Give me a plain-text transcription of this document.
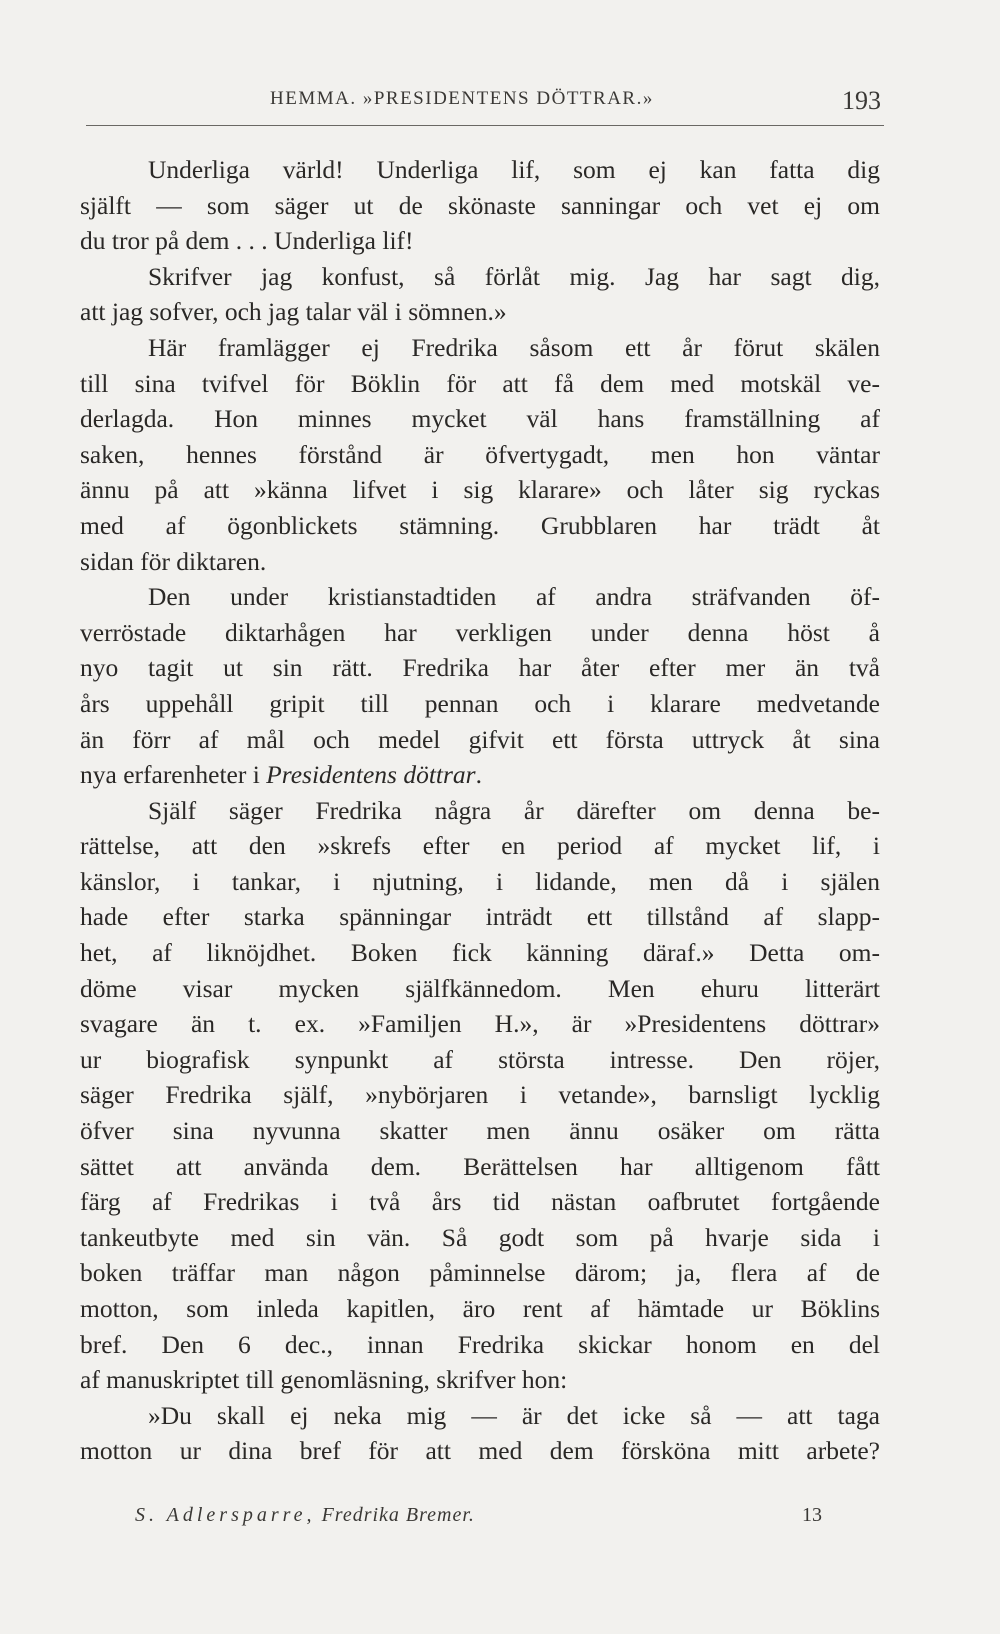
HEMMA. »PRESIDENTENS DÖTTRAR.»	193
Underliga värld! Underliga lif, som ej kan fatta dig
själft — som säger ut de skönaste sanningar och vet ej om
du tror på dem . . . Underliga lif!
Skrifver jag konfust, så förlåt mig. Jag har sagt dig,
att jag sofver, och jag talar väl i sömnen.»
Här framlägger ej Fredrika såsom ett år förut skälen
till sina tvifvel för Böklin för att få dem med motskäl ve-
derlagda. Hon minnes mycket väl hans framställning af
saken, hennes förstånd är öfvertygadt, men hon väntar
ännu på att »känna lifvet i sig klarare» och låter sig ryckas
med af ögonblickets stämning. Grubblaren har trädt åt
sidan för diktaren.
Den under kristianstadtiden af andra sträfvanden öf-
verröstade diktarhågen har verkligen under denna höst å
nyo tagit ut sin rätt. Fredrika har åter efter mer än två
års uppehåll gripit till pennan och i klarare medvetande
än förr af mål och medel gifvit ett första uttryck åt sina
nya erfarenheter i Presidentens döttrar.
Själf säger Fredrika några år därefter om denna be-
rättelse, att den »skrefs efter en period af mycket lif, i
känslor, i tankar, i njutning, i lidande, men då i själen
hade efter starka spänningar inträdt ett tillstånd af slapp-
het, af liknöjdhet. Boken fick känning däraf.» Detta om-
döme visar mycken själfkännedom. Men ehuru litterärt
svagare än t. ex. »Familjen H.», är »Presidentens döttrar»
ur biografisk synpunkt af största intresse. Den röjer,
säger Fredrika själf, »nybörjaren i vetande», barnsligt lycklig
öfver sina nyvunna skatter men ännu osäker om rätta
sättet att använda dem. Berättelsen har alltigenom fått
färg af Fredrikas i två års tid nästan oafbrutet fortgående
tankeutbyte med sin vän. Så godt som på hvarje sida i
boken träffar man någon påminnelse därom; ja, flera af de
motton, som inleda kapitlen, äro rent af hämtade ur Böklins
bref. Den 6 dec., innan Fredrika skickar honom en del
af manuskriptet till genomläsning, skrifver hon:
»Du skall ej neka mig — är det icke så — att taga
motton ur dina bref för att med dem försköna mitt arbete?
S. Adlersparre, Fredrika Bremer.	13
